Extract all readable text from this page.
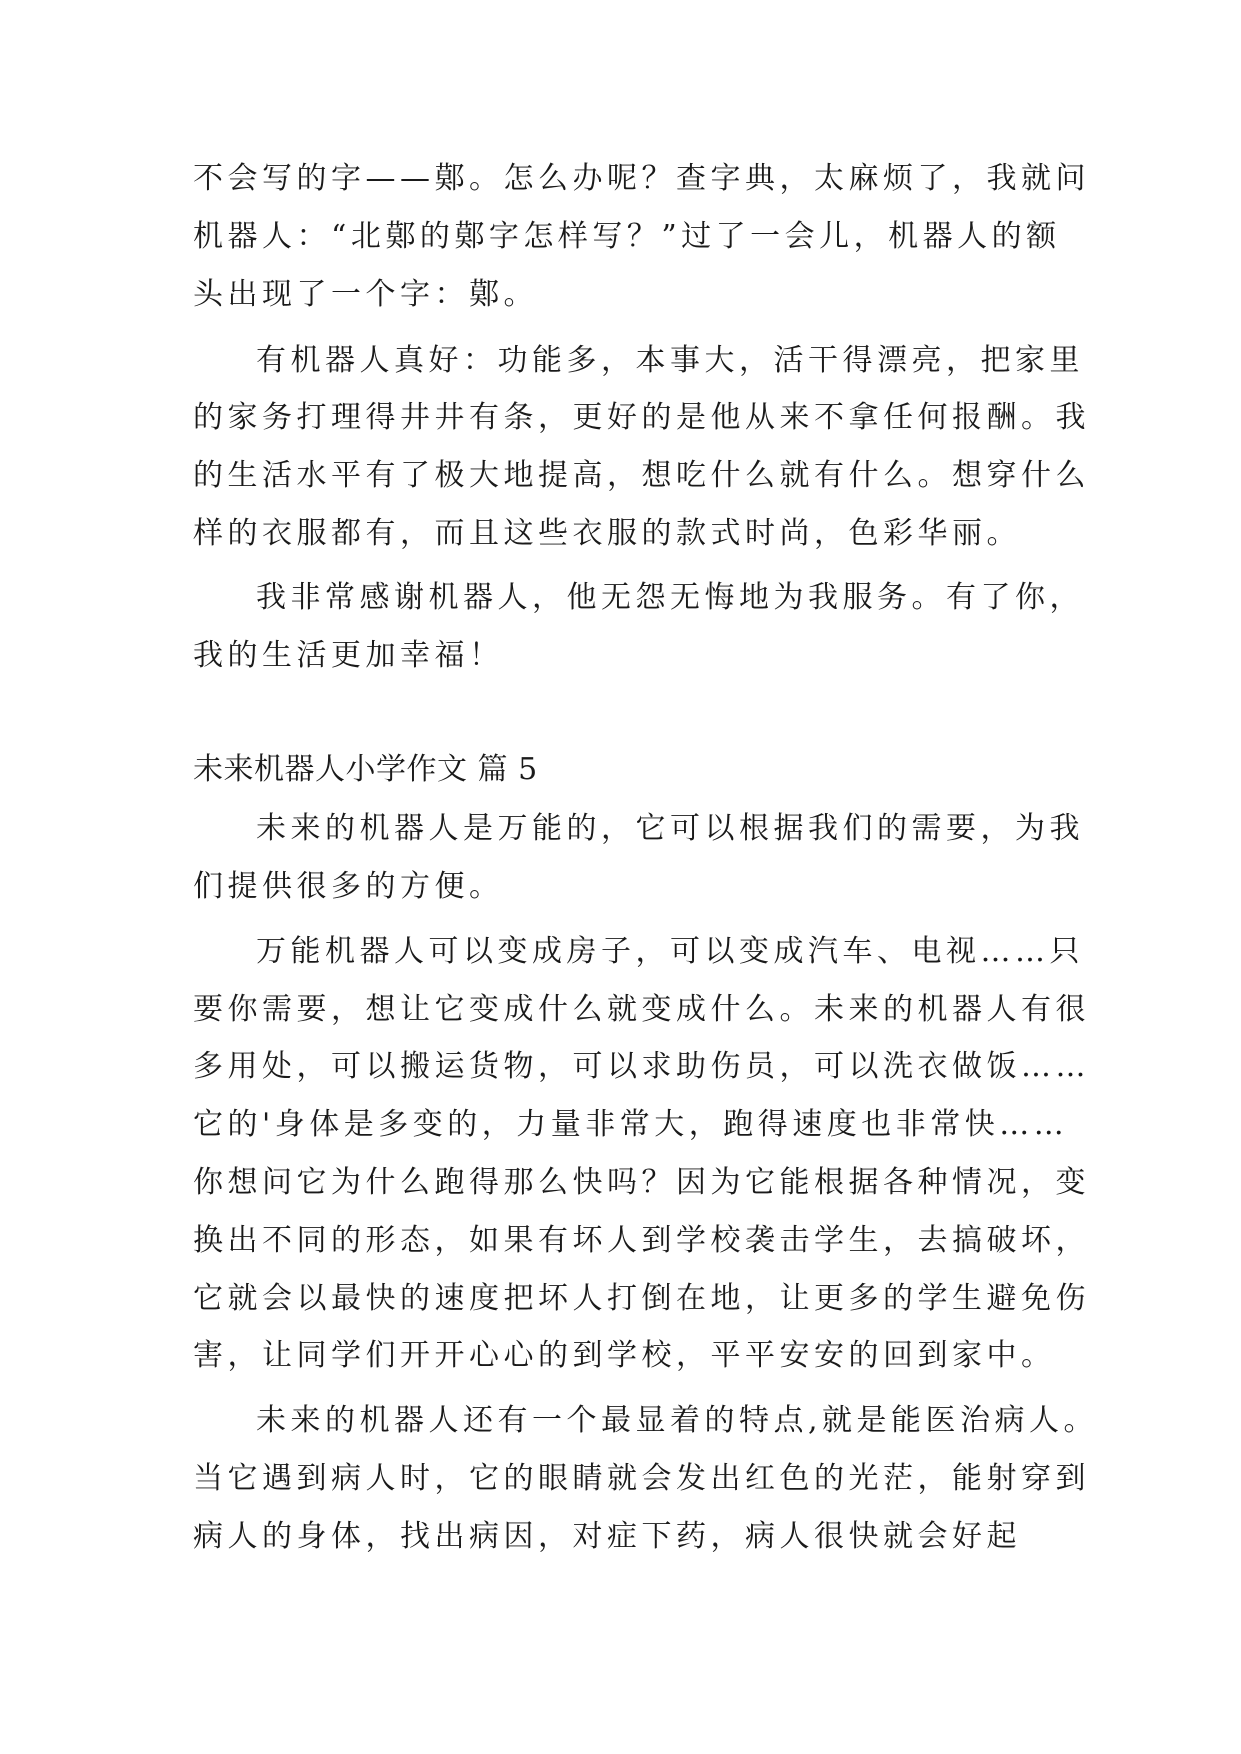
不会写的字——鄚。怎么办呢？查字典，太麻烦了，我就问

机器人：“北鄚的鄚字怎样写？”过了一会儿，机器人的额

头出现了一个字：鄚。

有机器人真好：功能多，本事大，活干得漂亮，把家里

的家务打理得井井有条，更好的是他从来不拿任何报酬。我

的生活水平有了极大地提高，想吃什么就有什么。想穿什么

样的衣服都有，而且这些衣服的款式时尚，色彩华丽。

我非常感谢机器人，他无怨无悔地为我服务。有了你，

我的生活更加幸福！

未来机器人小学作文 篇 5

未来的机器人是万能的，它可以根据我们的需要，为我

们提供很多的方便。

万能机器人可以变成房子，可以变成汽车、电视……只

要你需要，想让它变成什么就变成什么。未来的机器人有很

多用处，可以搬运货物，可以求助伤员，可以洗衣做饭……

它的'身体是多变的，力量非常大，跑得速度也非常快……

你想问它为什么跑得那么快吗？因为它能根据各种情况，变

换出不同的形态，如果有坏人到学校袭击学生，去搞破坏，

它就会以最快的速度把坏人打倒在地，让更多的学生避免伤

害，让同学们开开心心的到学校，平平安安的回到家中。

未来的机器人还有一个最显着的特点,就是能医治病人。

当它遇到病人时，它的眼睛就会发出红色的光茫，能射穿到

病人的身体，找出病因，对症下药，病人很快就会好起
